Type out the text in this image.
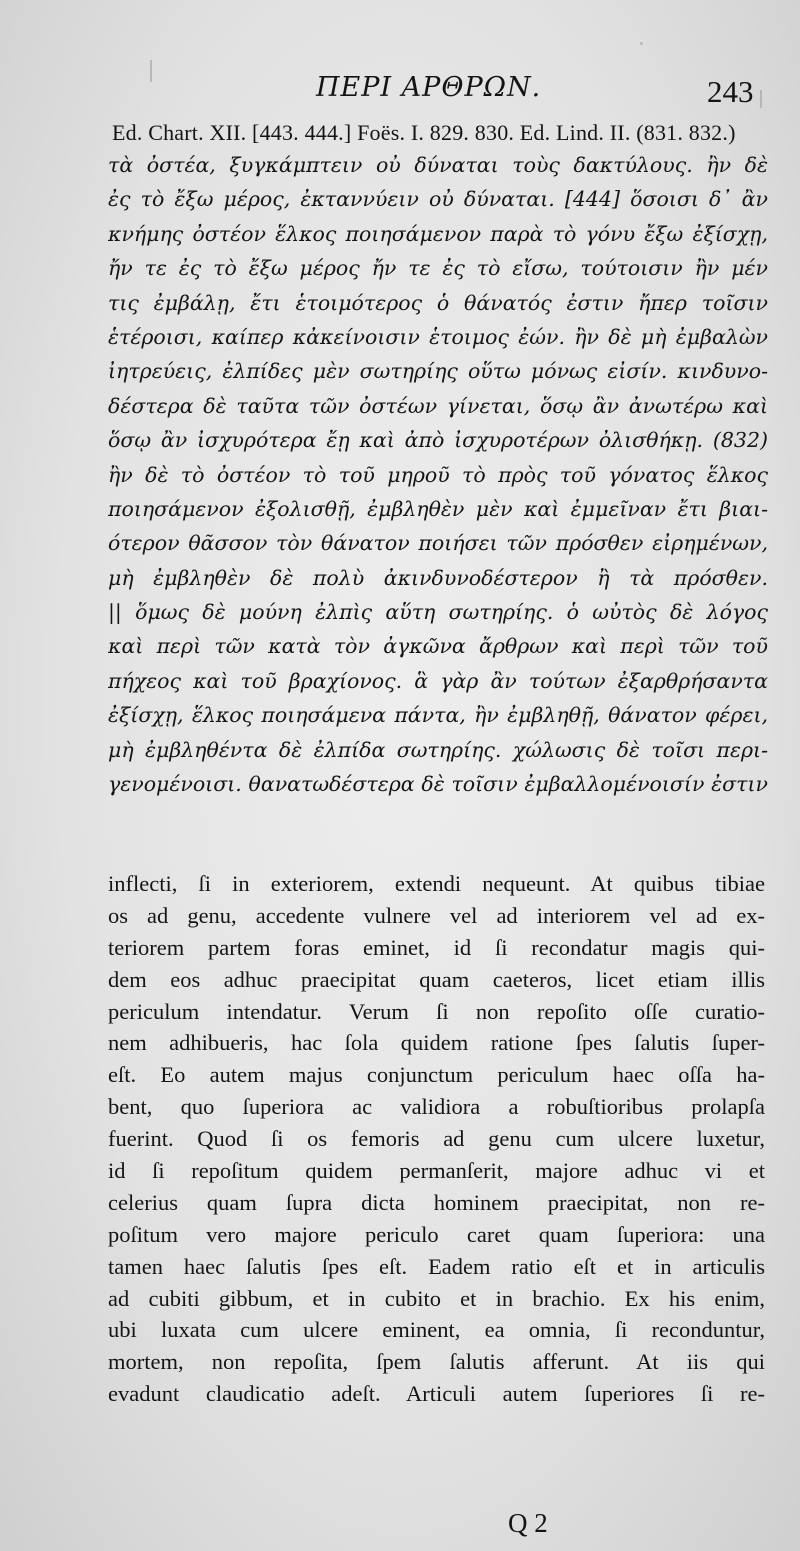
ΠΕΡΙ ΑΡΘΡΩΝ.	243
Ed. Chart. XII. [443. 444.] Foës. I. 829. 830. Ed. Lind. II. (831. 832.)
τὰ ὀστέα, ξυγκάμπτειν οὐ δύναται τοὺς δακτύλους. ἢν δὲ
ἐς τὸ ἔξω μέρος, ἐκταννύειν οὐ δύναται. [444] ὅσοισι δ᾽ ἂν
κνήμης ὀστέον ἕλκος ποιησάμενον παρὰ τὸ γόνυ ἔξω ἐξίσχῃ,
ἤν τε ἐς τὸ ἔξω μέρος ἤν τε ἐς τὸ εἴσω, τούτοισιν ἢν μέν
τις ἐμβάλῃ, ἔτι ἑτοιμότερος ὁ θάνατός ἐστιν ἤπερ τοῖσιν
ἑτέροισι, καίπερ κἀκείνοισιν ἑτοιμος ἐών. ἢν δὲ μὴ ἐμβαλὼν
ἰητρεύεις, ἐλπίδες μὲν σωτηρίης οὕτω μόνως εἰσίν. κινδυνο-
δέστερα δὲ ταῦτα τῶν ὀστέων γίνεται, ὅσῳ ἂν ἀνωτέρω καὶ
ὅσῳ ἂν ἰσχυρότερα ἔῃ καὶ ἀπὸ ἰσχυροτέρων ὀλισθήκῃ. (832)
ἢν δὲ τὸ ὀστέον τὸ τοῦ μηροῦ τὸ πρὸς τοῦ γόνατος ἕλκος
ποιησάμενον ἐξολισθῇ, ἐμβληθὲν μὲν καὶ ἐμμεῖναν ἔτι βιαι-
ότερον θᾶσσον τὸν θάνατον ποιήσει τῶν πρόσθεν εἰρημένων,
μὴ ἐμβληθὲν δὲ πολὺ ἀκινδυνοδέστερον ἢ τὰ πρόσθεν.
|| ὅμως δὲ μούνη ἐλπὶς αὕτη σωτηρίης. ὁ ωὐτὸς δὲ λόγος
καὶ περὶ τῶν κατὰ τὸν ἀγκῶνα ἄρθρων καὶ περὶ τῶν τοῦ
πήχεος καὶ τοῦ βραχίονος. ἃ γὰρ ἂν τούτων ἐξαρθρήσαντα
ἐξίσχῃ, ἕλκος ποιησάμενα πάντα, ἢν ἐμβληθῇ, θάνατον φέρει,
μὴ ἐμβληθέντα δὲ ἐλπίδα σωτηρίης. χώλωσις δὲ τοῖσι περι-
γενομένοισι. θανατωδέστερα δὲ τοῖσιν ἐμβαλλομένοισίν ἐστιν
inflecti, ſi in exteriorem, extendi nequeunt. At quibus tibiae
os ad genu, accedente vulnere vel ad interiorem vel ad ex-
teriorem partem foras eminet, id ſi recondatur magis qui-
dem eos adhuc praecipitat quam caeteros, licet etiam illis
periculum intendatur. Verum ſi non repoſito oſſe curatio-
nem adhibueris, hac ſola quidem ratione ſpes ſalutis ſuper-
eſt. Eo autem majus conjunctum periculum haec oſſa ha-
bent, quo ſuperiora ac validiora a robuſtioribus prolapſa
fuerint. Quod ſi os femoris ad genu cum ulcere luxetur,
id ſi repoſitum quidem permanſerit, majore adhuc vi et
celerius quam ſupra dicta hominem praecipitat, non re-
poſitum vero majore periculo caret quam ſuperiora: una
tamen haec ſalutis ſpes eſt. Eadem ratio eſt et in articulis
ad cubiti gibbum, et in cubito et in brachio. Ex his enim,
ubi luxata cum ulcere eminent, ea omnia, ſi reconduntur,
mortem, non repoſita, ſpem ſalutis afferunt. At iis qui
evadunt claudicatio adeſt. Articuli autem ſuperiores ſi re-
Q 2
